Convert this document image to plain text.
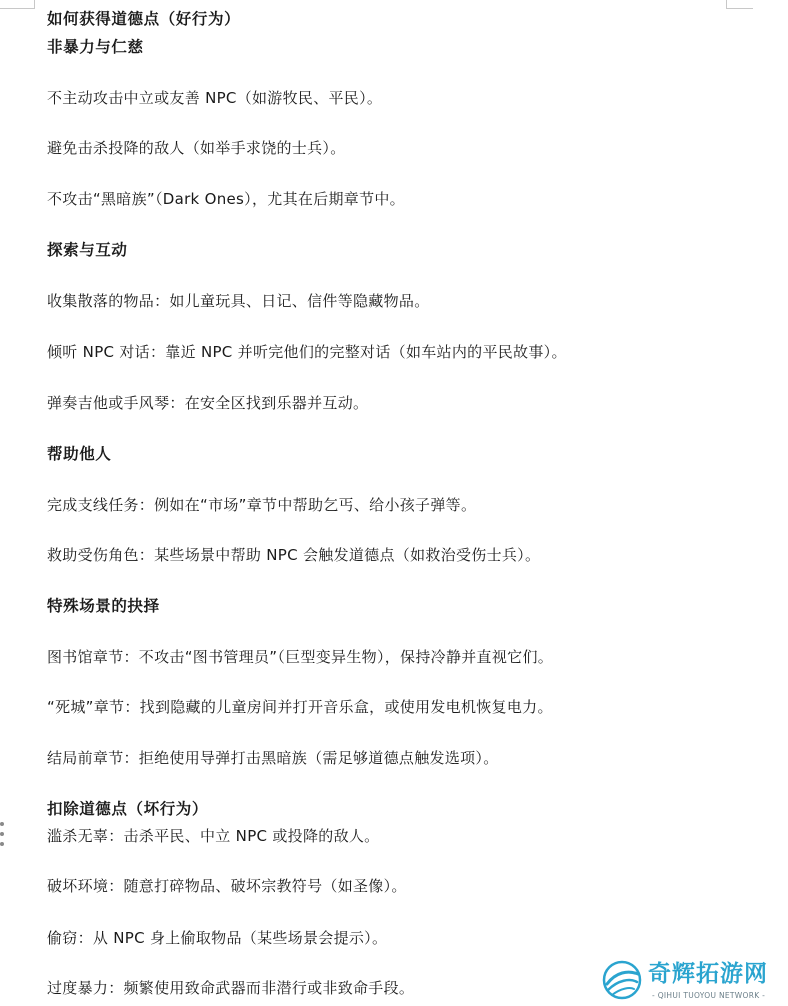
如何获得道德点（好行为）
非暴力与仁慈
不主动攻击中立或友善 NPC（如游牧民、平民）。
避免击杀投降的敌人（如举手求饶的士兵）。
不攻击“黑暗族”（Dark Ones），尤其在后期章节中。
探索与互动
收集散落的物品：如儿童玩具、日记、信件等隐藏物品。
倾听 NPC 对话：靠近 NPC 并听完他们的完整对话（如车站内的平民故事）。
弹奏吉他或手风琴：在安全区找到乐器并互动。
帮助他人
完成支线任务：例如在“市场”章节中帮助乞丐、给小孩子弹等。
救助受伤角色：某些场景中帮助 NPC 会触发道德点（如救治受伤士兵）。
特殊场景的抉择
图书馆章节：不攻击“图书管理员”（巨型变异生物），保持冷静并直视它们。
“死城”章节：找到隐藏的儿童房间并打开音乐盒，或使用发电机恢复电力。
结局前章节：拒绝使用导弹打击黑暗族（需足够道德点触发选项）。
扣除道德点（坏行为）
滥杀无辜：击杀平民、中立 NPC 或投降的敌人。
破坏环境：随意打碎物品、破坏宗教符号（如圣像）。
偷窃：从 NPC 身上偷取物品（某些场景会提示）。
过度暴力：频繁使用致命武器而非潜行或非致命手段。
奇辉拓游网
- QIHUI TUOYOU NETWORK -
